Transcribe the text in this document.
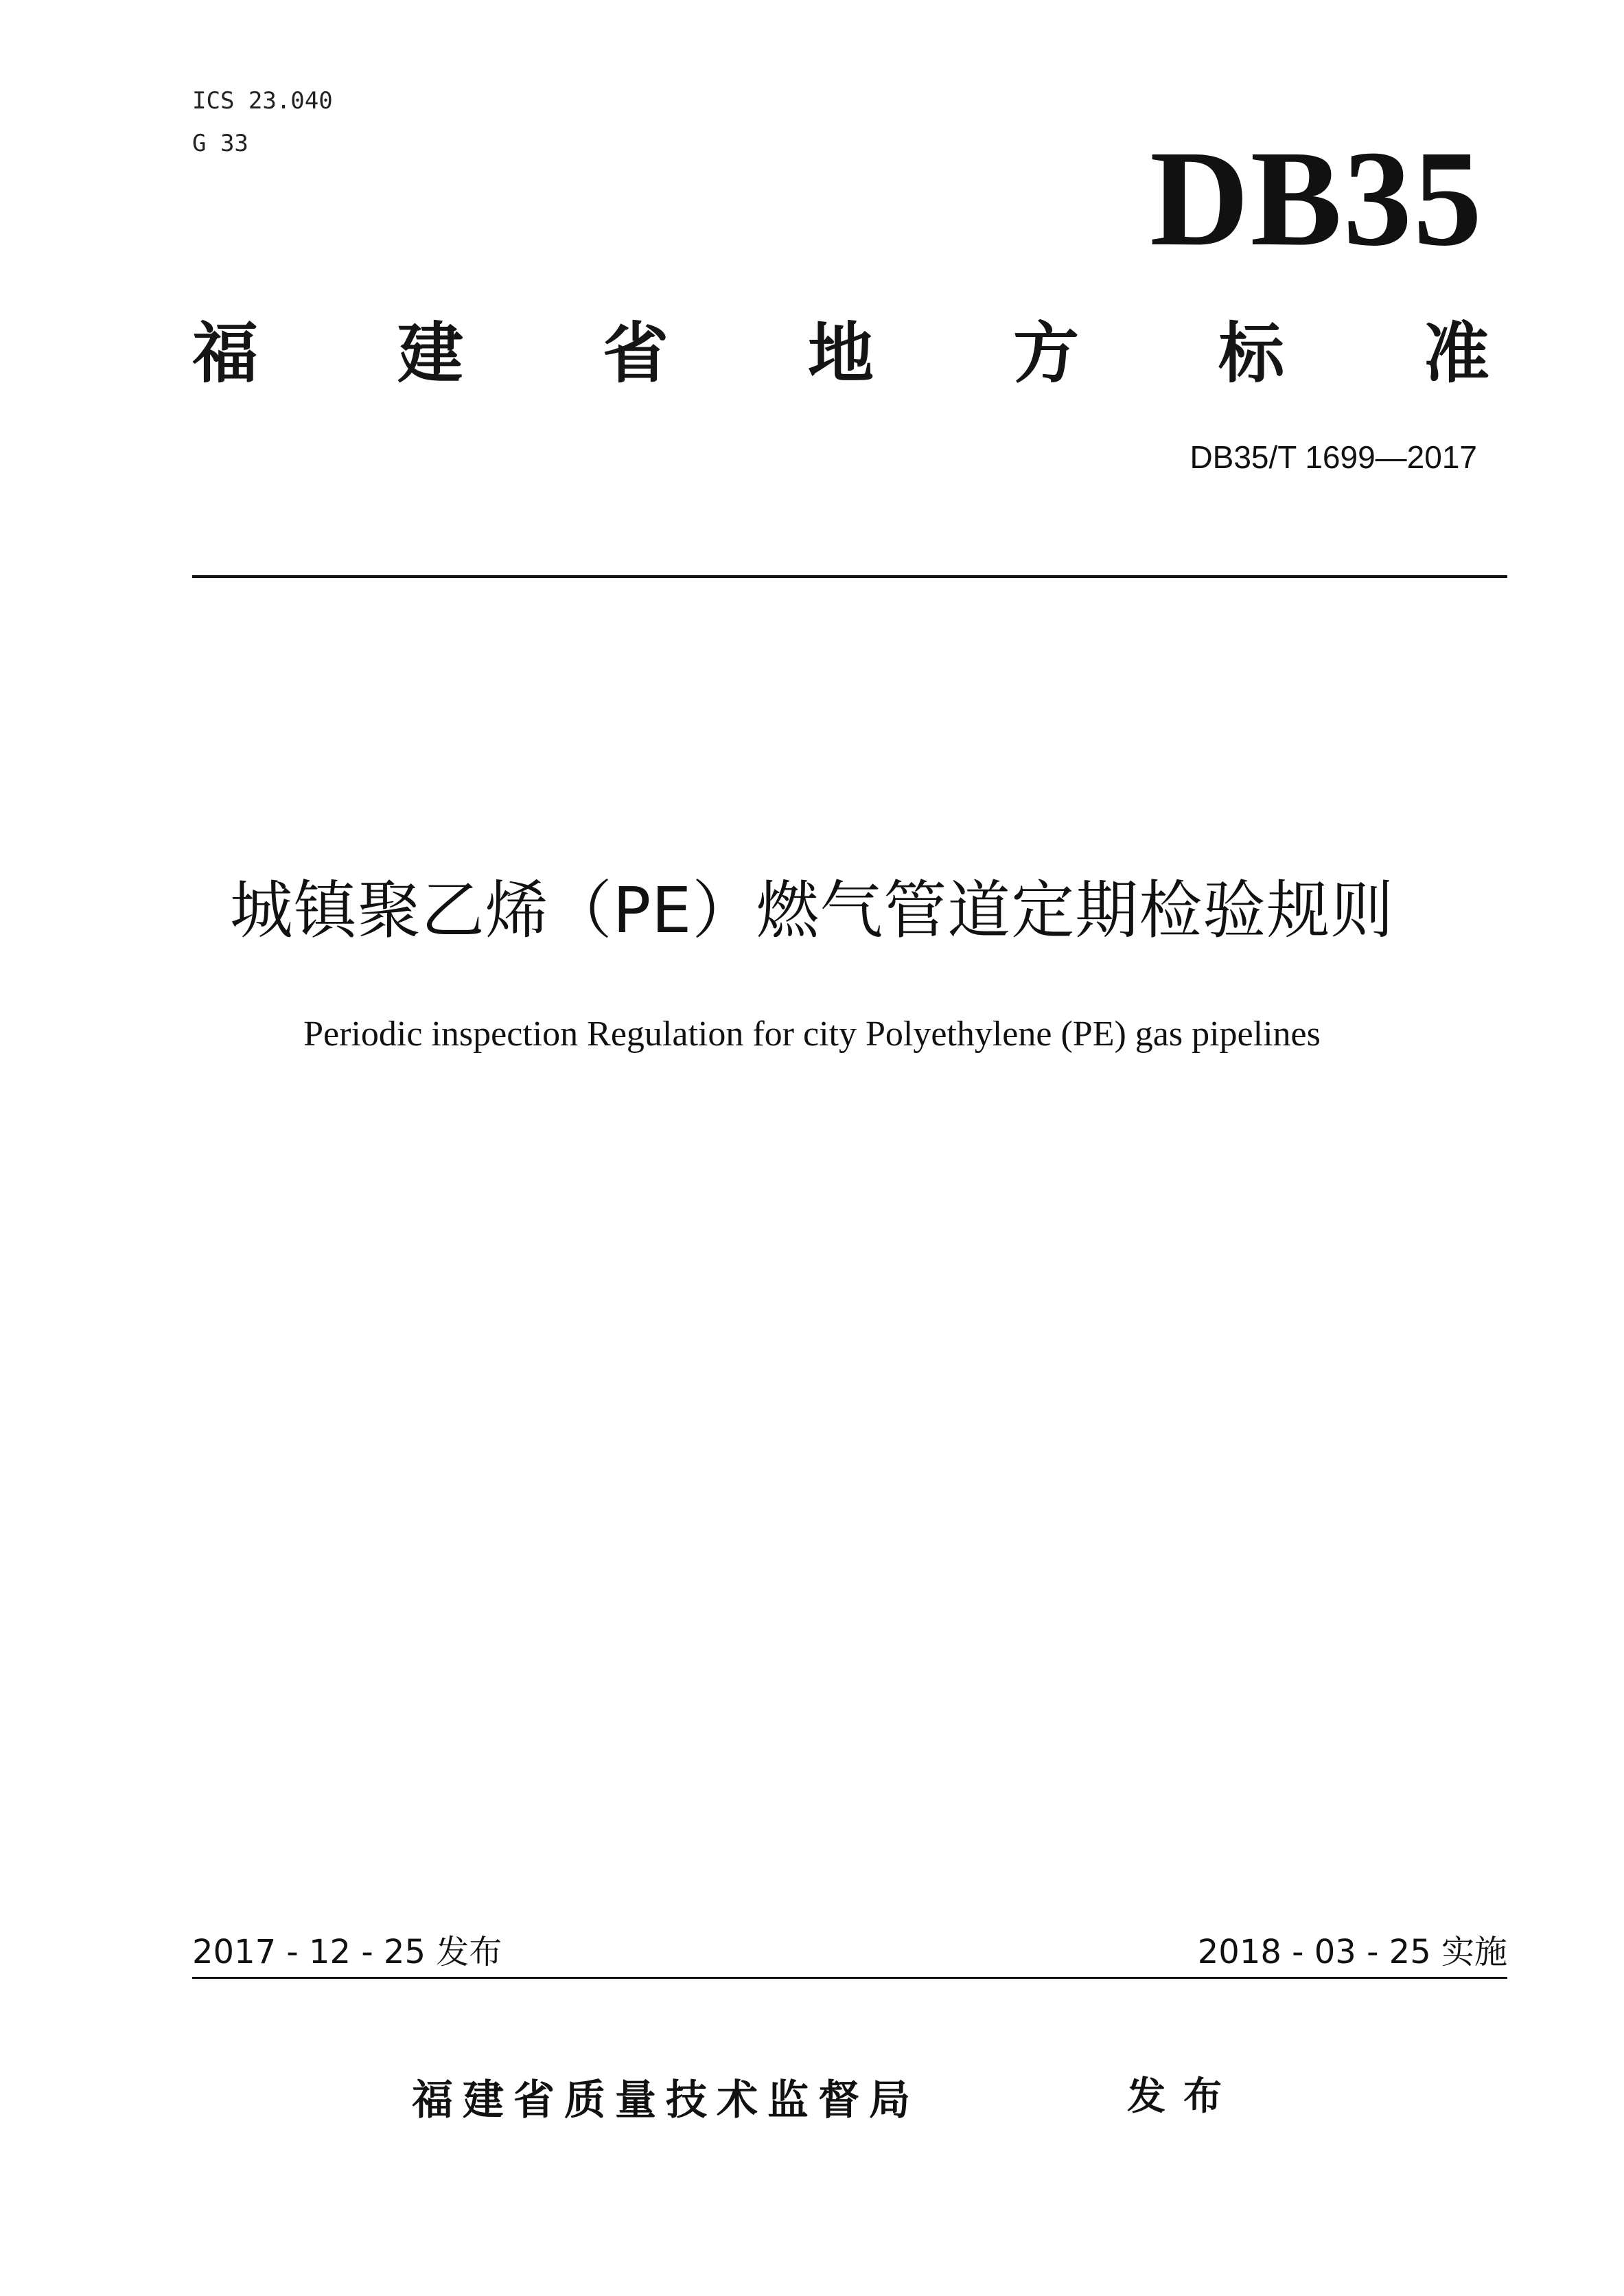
ICS 23.040
G 33	DB35
福 建 省 地 方 标 准
DB35/T 1699—2017
城镇聚乙烯（PE）燃气管道定期检验规则
Periodic inspection Regulation for city Polyethylene (PE) gas pipelines
2017 - 12 - 25 发布	2018 - 03 - 25 实施
福建省质量技术监督局	发布
